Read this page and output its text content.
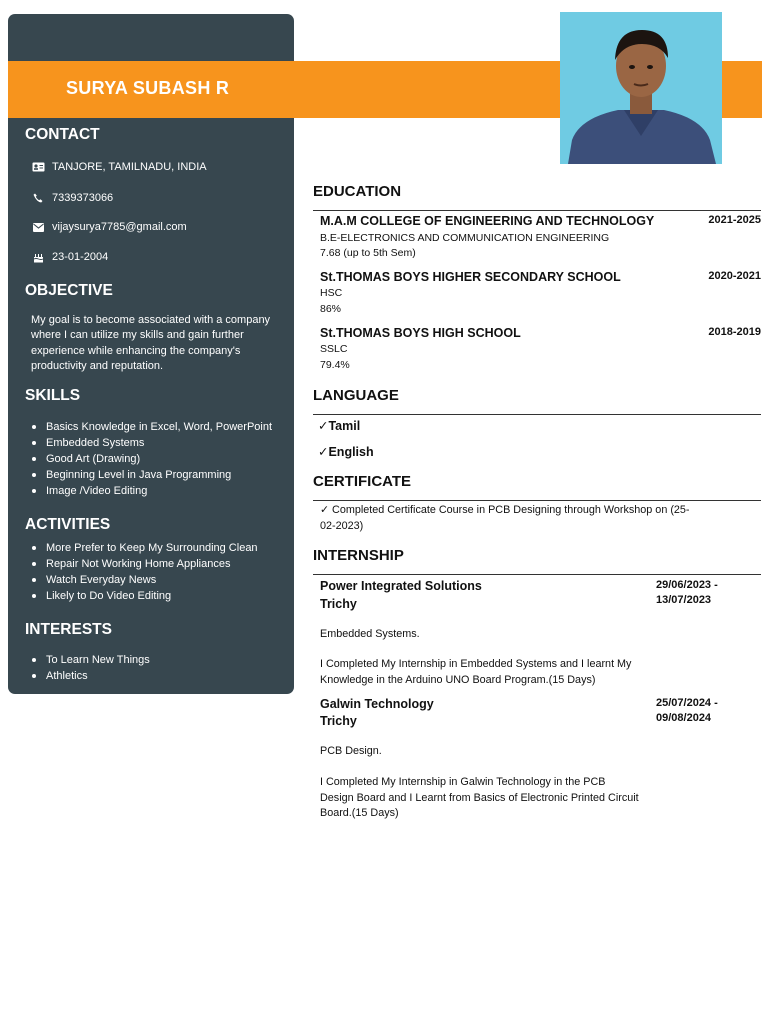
SURYA SUBASH R
CONTACT
TANJORE, TAMILNADU, INDIA
7339373066
vijaysurya7785@gmail.com
23-01-2004
OBJECTIVE
My goal is to become associated with a company where I can utilize my skills and gain further experience while enhancing the company's productivity and reputation.
SKILLS
Basics Knowledge in Excel, Word, PowerPoint
Embedded Systems
Good Art (Drawing)
Beginning Level in Java Programming
Image /Video Editing
ACTIVITIES
More Prefer to Keep My Surrounding Clean
Repair Not Working Home Appliances
Watch Everyday News
Likely to Do Video Editing
INTERESTS
To Learn New Things
Athletics
EDUCATION
M.A.M COLLEGE OF ENGINEERING AND TECHNOLOGY	2021-2025
B.E-ELECTRONICS AND COMMUNICATION ENGINEERING
7.68 (up to 5th Sem)
St.THOMAS BOYS HIGHER SECONDARY SCHOOL	2020-2021
HSC
86%
St.THOMAS BOYS HIGH SCHOOL	2018-2019
SSLC
79.4%
LANGUAGE
✓Tamil
✓English
CERTIFICATE
✓ Completed Certificate Course in PCB Designing through Workshop on (25-02-2023)
INTERNSHIP
Power Integrated Solutions
Trichy
29/06/2023 -
13/07/2023
Embedded Systems.
I Completed My Internship in Embedded Systems and I learnt My Knowledge in the Arduino UNO Board Program.(15 Days)
Galwin Technology
Trichy
25/07/2024 -
09/08/2024
PCB Design.
I Completed My Internship in Galwin Technology in the PCB Design Board and I Learnt from Basics of Electronic Printed Circuit Board.(15 Days)
